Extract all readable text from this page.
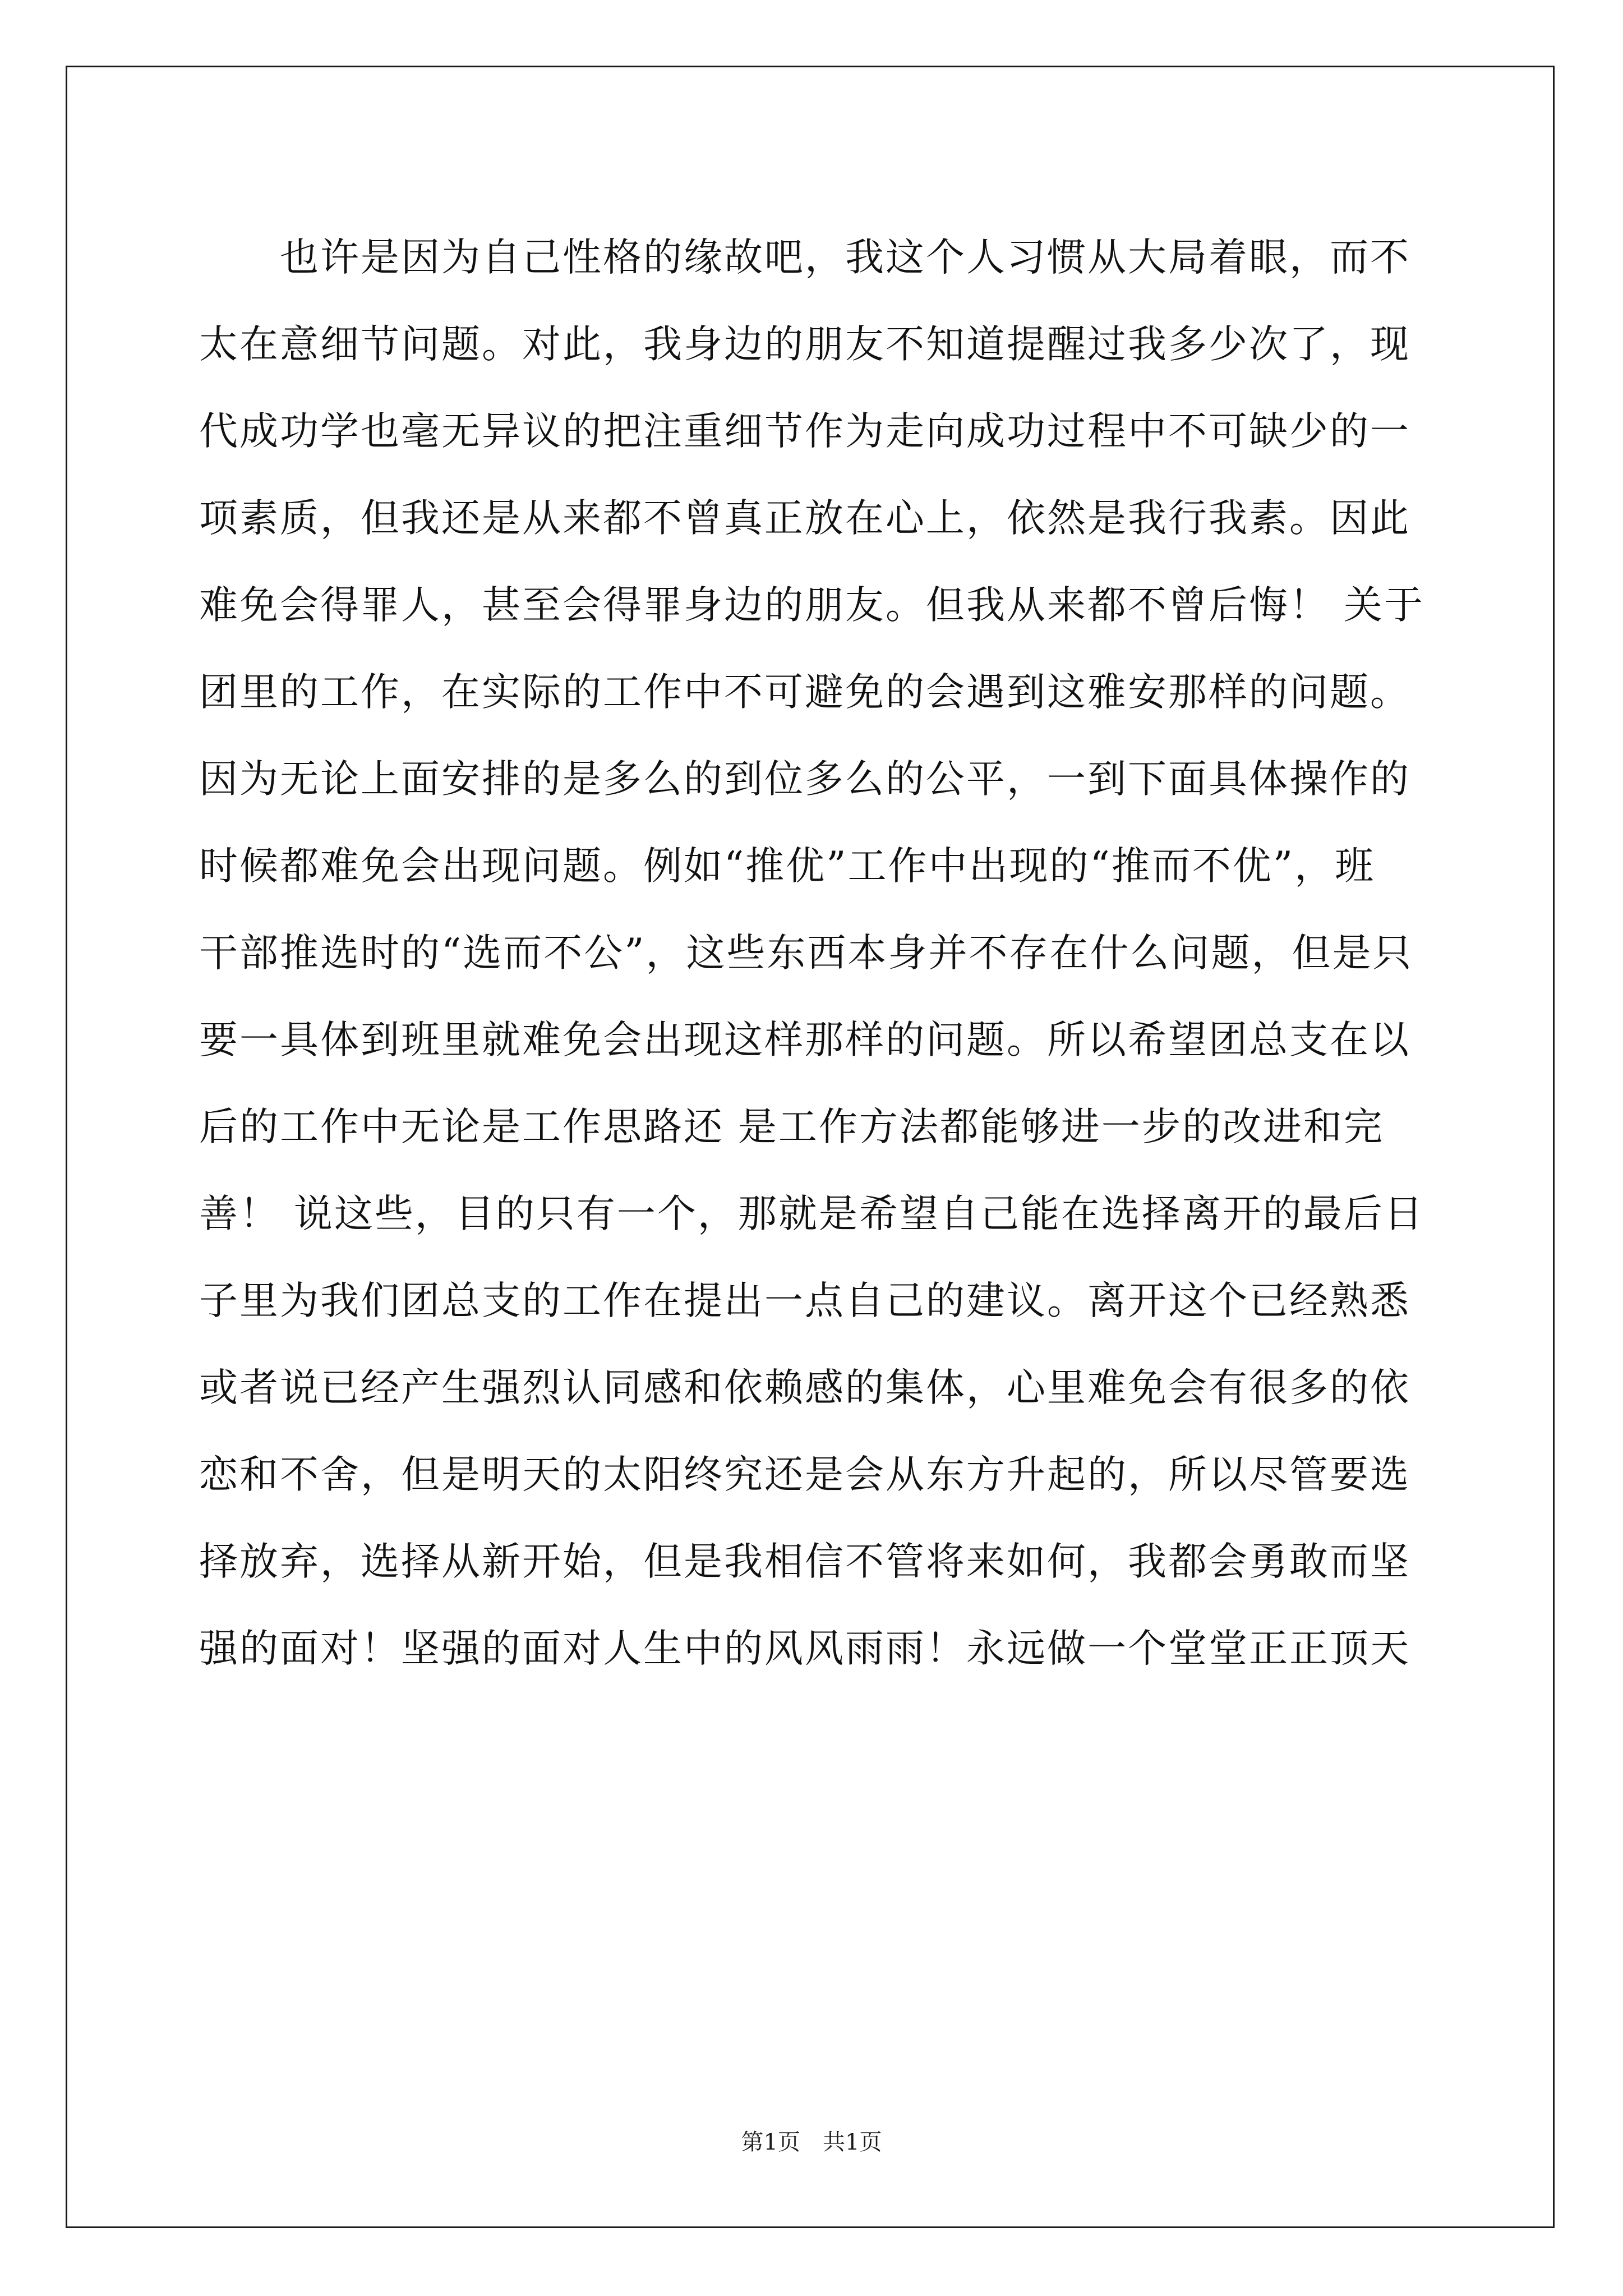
　　也许是因为自己性格的缘故吧，我这个人习惯从大局着眼，而不
太在意细节问题。对此，我身边的朋友不知道提醒过我多少次了，现
代成功学也毫无异议的把注重细节作为走向成功过程中不可缺少的一
项素质，但我还是从来都不曾真正放在心上，依然是我行我素。因此
难免会得罪人，甚至会得罪身边的朋友。但我从来都不曾后悔！ 关于
团里的工作，在实际的工作中不可避免的会遇到这雅安那样的问题。
因为无论上面安排的是多么的到位多么的公平，一到下面具体操作的
时候都难免会出现问题。例如“推优”工作中出现的“推而不优”，班
干部推选时的“选而不公”，这些东西本身并不存在什么问题，但是只
要一具体到班里就难免会出现这样那样的问题。所以希望团总支在以
后的工作中无论是工作思路还 是工作方法都能够进一步的改进和完
善！ 说这些，目的只有一个，那就是希望自己能在选择离开的最后日
子里为我们团总支的工作在提出一点自己的建议。离开这个已经熟悉
或者说已经产生强烈认同感和依赖感的集体，心里难免会有很多的依
恋和不舍，但是明天的太阳终究还是会从东方升起的，所以尽管要选
择放弃，选择从新开始，但是我相信不管将来如何，我都会勇敢而坚
强的面对！坚强的面对人生中的风风雨雨！永远做一个堂堂正正顶天
第1页　共1页
